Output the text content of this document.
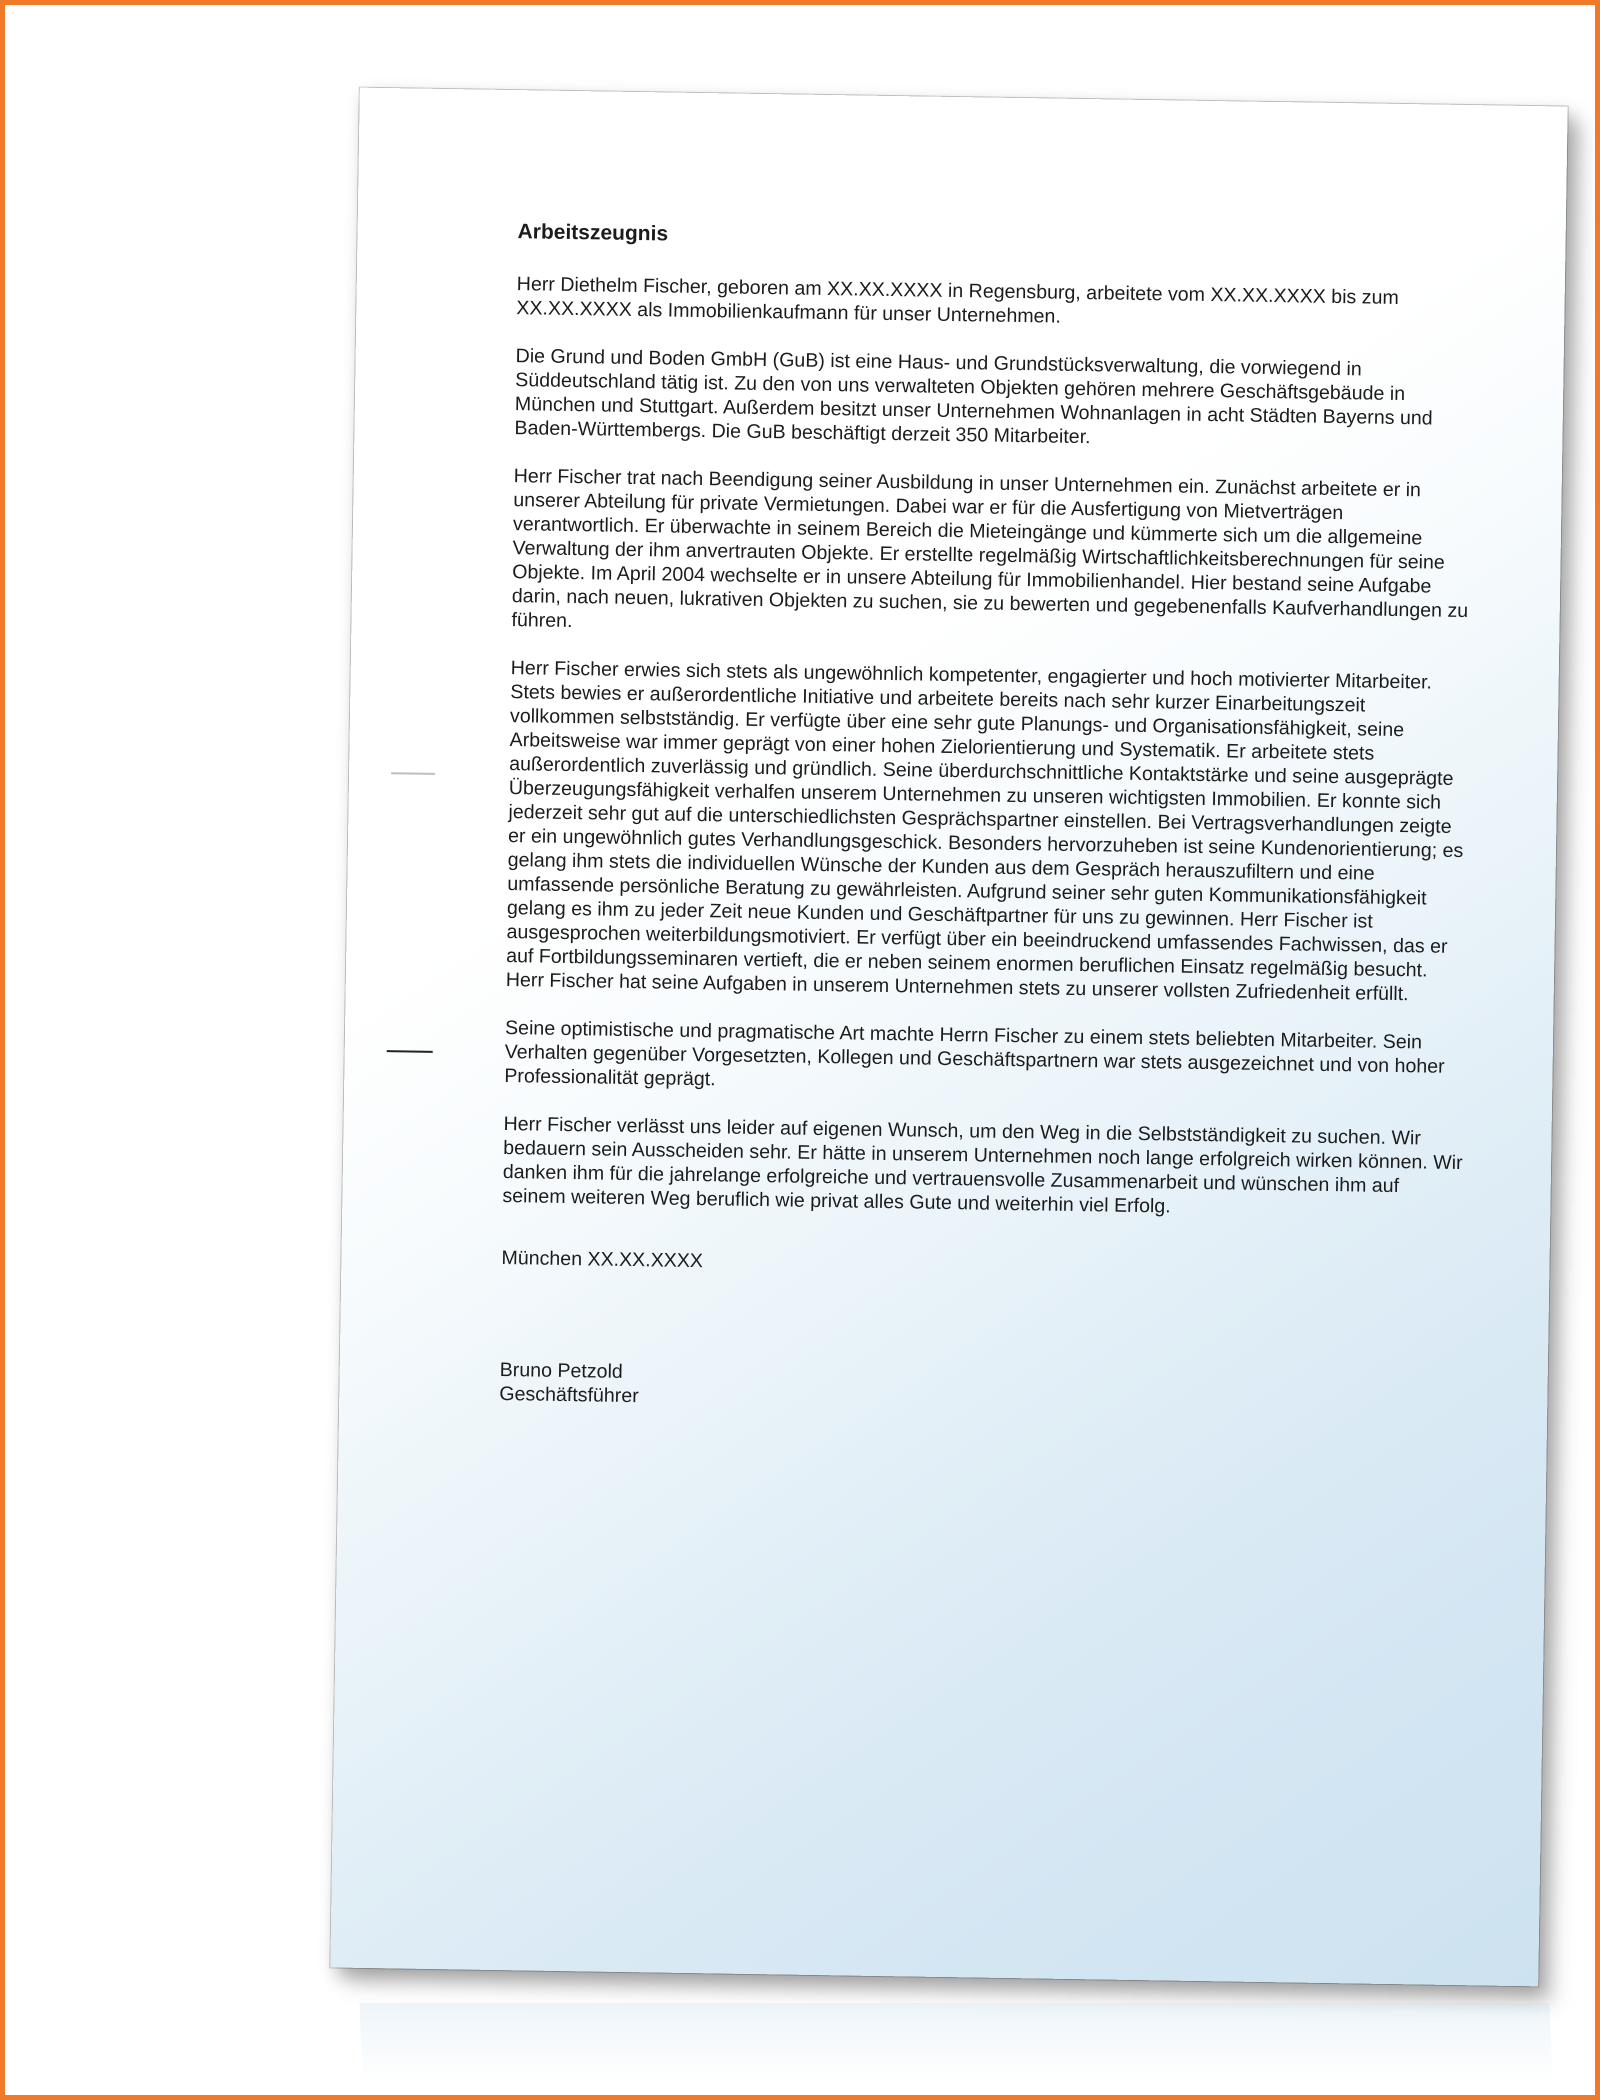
Arbeitszeugnis

Herr Diethelm Fischer, geboren am XX.XX.XXXX in Regensburg, arbeitete vom XX.XX.XXXX bis zum XX.XX.XXXX als Immobilienkaufmann für unser Unternehmen.

Die Grund und Boden GmbH (GuB) ist eine Haus- und Grundstücksverwaltung, die vorwiegend in Süddeutschland tätig ist. Zu den von uns verwalteten Objekten gehören mehrere Geschäftsgebäude in München und Stuttgart. Außerdem besitzt unser Unternehmen Wohnanlagen in acht Städten Bayerns und Baden-Württembergs. Die GuB beschäftigt derzeit 350 Mitarbeiter.

Herr Fischer trat nach Beendigung seiner Ausbildung in unser Unternehmen ein. Zunächst arbeitete er in unserer Abteilung für private Vermietungen. Dabei war er für die Ausfertigung von Mietverträgen verantwortlich. Er überwachte in seinem Bereich die Mieteingänge und kümmerte sich um die allgemeine Verwaltung der ihm anvertrauten Objekte. Er erstellte regelmäßig Wirtschaftlichkeitsberechnungen für seine Objekte. Im April 2004 wechselte er in unsere Abteilung für Immobilienhandel. Hier bestand seine Aufgabe darin, nach neuen, lukrativen Objekten zu suchen, sie zu bewerten und gegebenenfalls Kaufverhandlungen zu führen.

Herr Fischer erwies sich stets als ungewöhnlich kompetenter, engagierter und hoch motivierter Mitarbeiter. Stets bewies er außerordentliche Initiative und arbeitete bereits nach sehr kurzer Einarbeitungszeit vollkommen selbstständig. Er verfügte über eine sehr gute Planungs- und Organisationsfähigkeit, seine Arbeitsweise war immer geprägt von einer hohen Zielorientierung und Systematik. Er arbeitete stets außerordentlich zuverlässig und gründlich. Seine überdurchschnittliche Kontaktstärke und seine ausgeprägte Überzeugungsfähigkeit verhalfen unserem Unternehmen zu unseren wichtigsten Immobilien. Er konnte sich jederzeit sehr gut auf die unterschiedlichsten Gesprächspartner einstellen. Bei Vertragsverhandlungen zeigte er ein ungewöhnlich gutes Verhandlungsgeschick. Besonders hervorzuheben ist seine Kundenorientierung; es gelang ihm stets die individuellen Wünsche der Kunden aus dem Gespräch herauszufiltern und eine umfassende persönliche Beratung zu gewährleisten. Aufgrund seiner sehr guten Kommunikationsfähigkeit gelang es ihm zu jeder Zeit neue Kunden und Geschäftpartner für uns zu gewinnen. Herr Fischer ist ausgesprochen weiterbildungsmotiviert. Er verfügt über ein beeindruckend umfassendes Fachwissen, das er auf Fortbildungsseminaren vertieft, die er neben seinem enormen beruflichen Einsatz regelmäßig besucht. Herr Fischer hat seine Aufgaben in unserem Unternehmen stets zu unserer vollsten Zufriedenheit erfüllt.

Seine optimistische und pragmatische Art machte Herrn Fischer zu einem stets beliebten Mitarbeiter. Sein Verhalten gegenüber Vorgesetzten, Kollegen und Geschäftspartnern war stets ausgezeichnet und von hoher Professionalität geprägt.

Herr Fischer verlässt uns leider auf eigenen Wunsch, um den Weg in die Selbstständigkeit zu suchen. Wir bedauern sein Ausscheiden sehr. Er hätte in unserem Unternehmen noch lange erfolgreich wirken können. Wir danken ihm für die jahrelange erfolgreiche und vertrauensvolle Zusammenarbeit und wünschen ihm auf seinem weiteren Weg beruflich wie privat alles Gute und weiterhin viel Erfolg.

München XX.XX.XXXX
Bruno Petzold
Geschäftsführer
